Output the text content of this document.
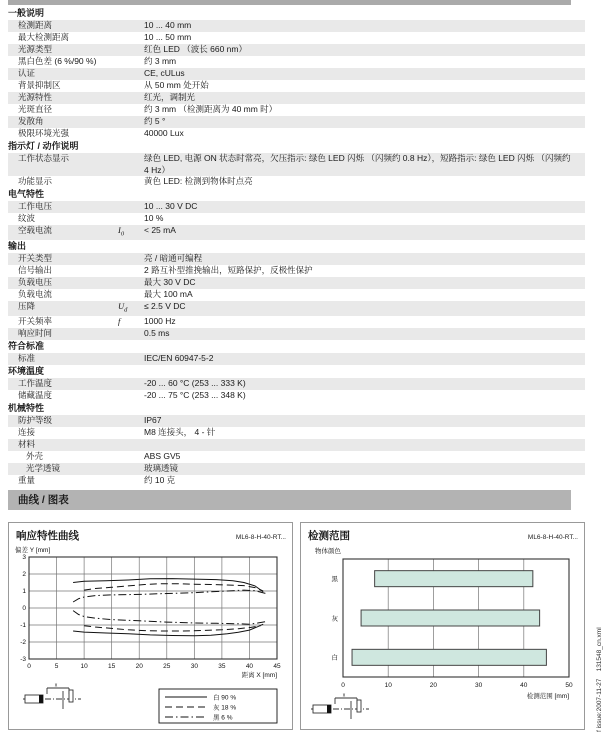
一般说明
检测距离	10 ... 40 mm
最大检测距离	10 ... 50 mm
光源类型	红色 LED （波长 660 nm）
黑白色差 (6 %/90 %)	约 3 mm
认证	CE, cULus
背景抑制区	从 50 mm 处开始
光源特性	红光，调制光
光斑直径	约 3 mm （检测距离为 40 mm 时）
发散角	约 5 °
极限环境光强	40000 Lux
指示灯 / 动作说明
工作状态显示	绿色 LED, 电源 ON 状态时常亮，欠压指示: 绿色 LED 闪烁 （闪频约 0.8 Hz），短路指示: 绿色 LED 闪烁 （闪频约 4 Hz）
功能显示	黄色 LED: 检测到物体时点亮
电气特性
工作电压	10 ... 30 V DC
纹波	10 %
空载电流	$I_0$	< 25 mA
输出
开关类型	亮 / 暗通可编程
信号输出	2 路互补型推挽输出，短路保护，反极性保护
负载电压	最大 30 V DC
负载电流	最大 100 mA
压降	$U_d$	≤ 2.5 V DC
开关频率	f	1000 Hz
响应时间	0.5 ms
符合标准
标准	IEC/EN 60947-5-2
环境温度
工作温度	-20 ... 60 °C (253 ... 333 K)
储藏温度	-20 ... 75 °C (253 ... 348 K)
机械特性
防护等级	IP67
连接	M8 连接头， 4 - 针
材料
外壳	ABS GV5
光学透镜	玻璃透镜
重量	约 10 克
曲线 / 图表
响应特性曲线	ML6-8-H-40-RT...
偏差 Y [mm]
0	5	10	15	20	25	30	35	40	45
3
2
1
0
-1
-2
-3
距离 X [mm]
白 90 %
灰 18 %
黑 6 %
x
检测范围	ML6-8-H-40-RT...
物体颜色
0	10	20	30	40	50
黑
灰
白
检测范围 [mm]
x	f issue:2007-11-27    131548_cn.xml
